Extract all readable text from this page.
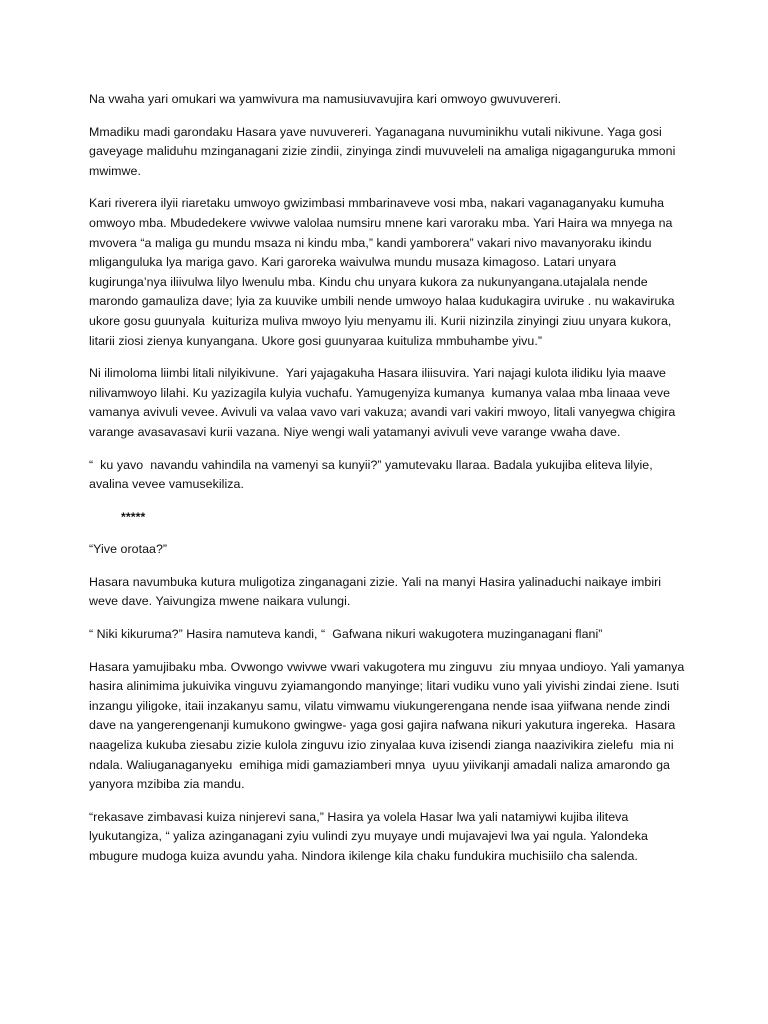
Na vwaha yari omukari wa yamwivura ma namusiuvavujira kari omwoyo gwuvuvereri.

Mmadiku madi garondaku Hasara yave nuvuvereri. Yaganagana nuvuminikhu vutali nikivune. Yaga gosi gaveyage maliduhu mzinganagani zizie zindii, zinyinga zindi muvuveleli na amaliga nigaganguruka mmoni mwimwe.

Kari riverera ilyii riaretaku umwoyo gwizimbasi mmbarinaveve vosi mba, nakari vaganaganyaku kumuha omwoyo mba. Mbudedekere vwivwe valolaa numsiru mnene kari varoraku mba. Yari Haira wa mnyega na mvovera “a maliga gu mundu msaza ni kindu mba,” kandi yamborera” vakari nivo mavanyoraku ikindu mliganguluka lya mariga gavo. Kari garoreka waivulwa mundu musaza kimagoso. Latari unyara kugirunga’nya iliivulwa lilyo lwenulu mba. Kindu chu unyara kukora za nukunyangana.utajalala nende marondo gamauliza dave; lyia za kuuvike umbili nende umwoyo halaa kudukagira uviruke . nu wakaviruka ukore gosu guunyala  kuituriza muliva mwoyo lyiu menyamu ili. Kurii nizinzila zinyingi ziuu unyara kukora, litarii ziosi zienya kunyangana. Ukore gosi guunyaraa kuituliza mmbuhambe yivu.”

Ni ilimoloma liimbi litali nilyikivune.  Yari yajagakuha Hasara iliisuvira. Yari najagi kulota ilidiku lyia maave nilivamwoyo lilahi. Ku yazizagila kulyia vuchafu. Yamugenyiza kumanya  kumanya valaa mba linaaa veve vamanya avivuli vevee. Avivuli va valaa vavo vari vakuza; avandi vari vakiri mwoyo, litali vanyegwa chigira varange avasavasavi kurii vazana. Niye wengi wali yatamanyi avivuli veve varange vwaha dave.

“  ku yavo  navandu vahindila na vamenyi sa kunyii?” yamutevaku llaraa. Badala yukujiba eliteva lilyie, avalina vevee vamusekiliza.

*****

“Yive orotaa?”

Hasara navumbuka kutura muligotiza zinganagani zizie. Yali na manyi Hasira yalinaduchi naikaye imbiri weve dave. Yaivungiza mwene naikara vulungi.

“ Niki kikuruma?” Hasira namuteva kandi, “  Gafwana nikuri wakugotera muzinganagani flani”

Hasara yamujibaku mba. Ovwongo vwivwe vwari vakugotera mu zinguvu  ziu mnyaa undioyo. Yali yamanya  hasira alinimima jukuivika vinguvu zyiamangondo manyinge; litari vudiku vuno yali yivishi zindai ziene. Isuti inzangu yiligoke, itaii inzakanyu samu, vilatu vimwamu viukungerengana nende isaa yiifwana nende zindi dave na yangerengenanji kumukono gwingwe- yaga gosi gajira nafwana nikuri yakutura ingereka.  Hasara naageliza kukuba ziesabu zizie kulola zinguvu izio zinyalaa kuva izisendi zianga naazivikira zielefu  mia ni ndala. Waliuganaganyeku  emihiga midi gamaziamberi mnya  uyuu yiivikanji amadali naliza amarondo ga yanyora mzibiba zia mandu.

“rekasave zimbavasi kuiza ninjerevi sana,” Hasira ya volela Hasar lwa yali natamiywi kujiba iliteva lyukutangiza, “ yaliza azinganagani zyiu vulindi zyu muyaye undi mujavajevi lwa yai ngula. Yalondeka mbugure mudoga kuiza avundu yaha. Nindora ikilenge kila chaku fundukira muchisiilo cha salenda.
